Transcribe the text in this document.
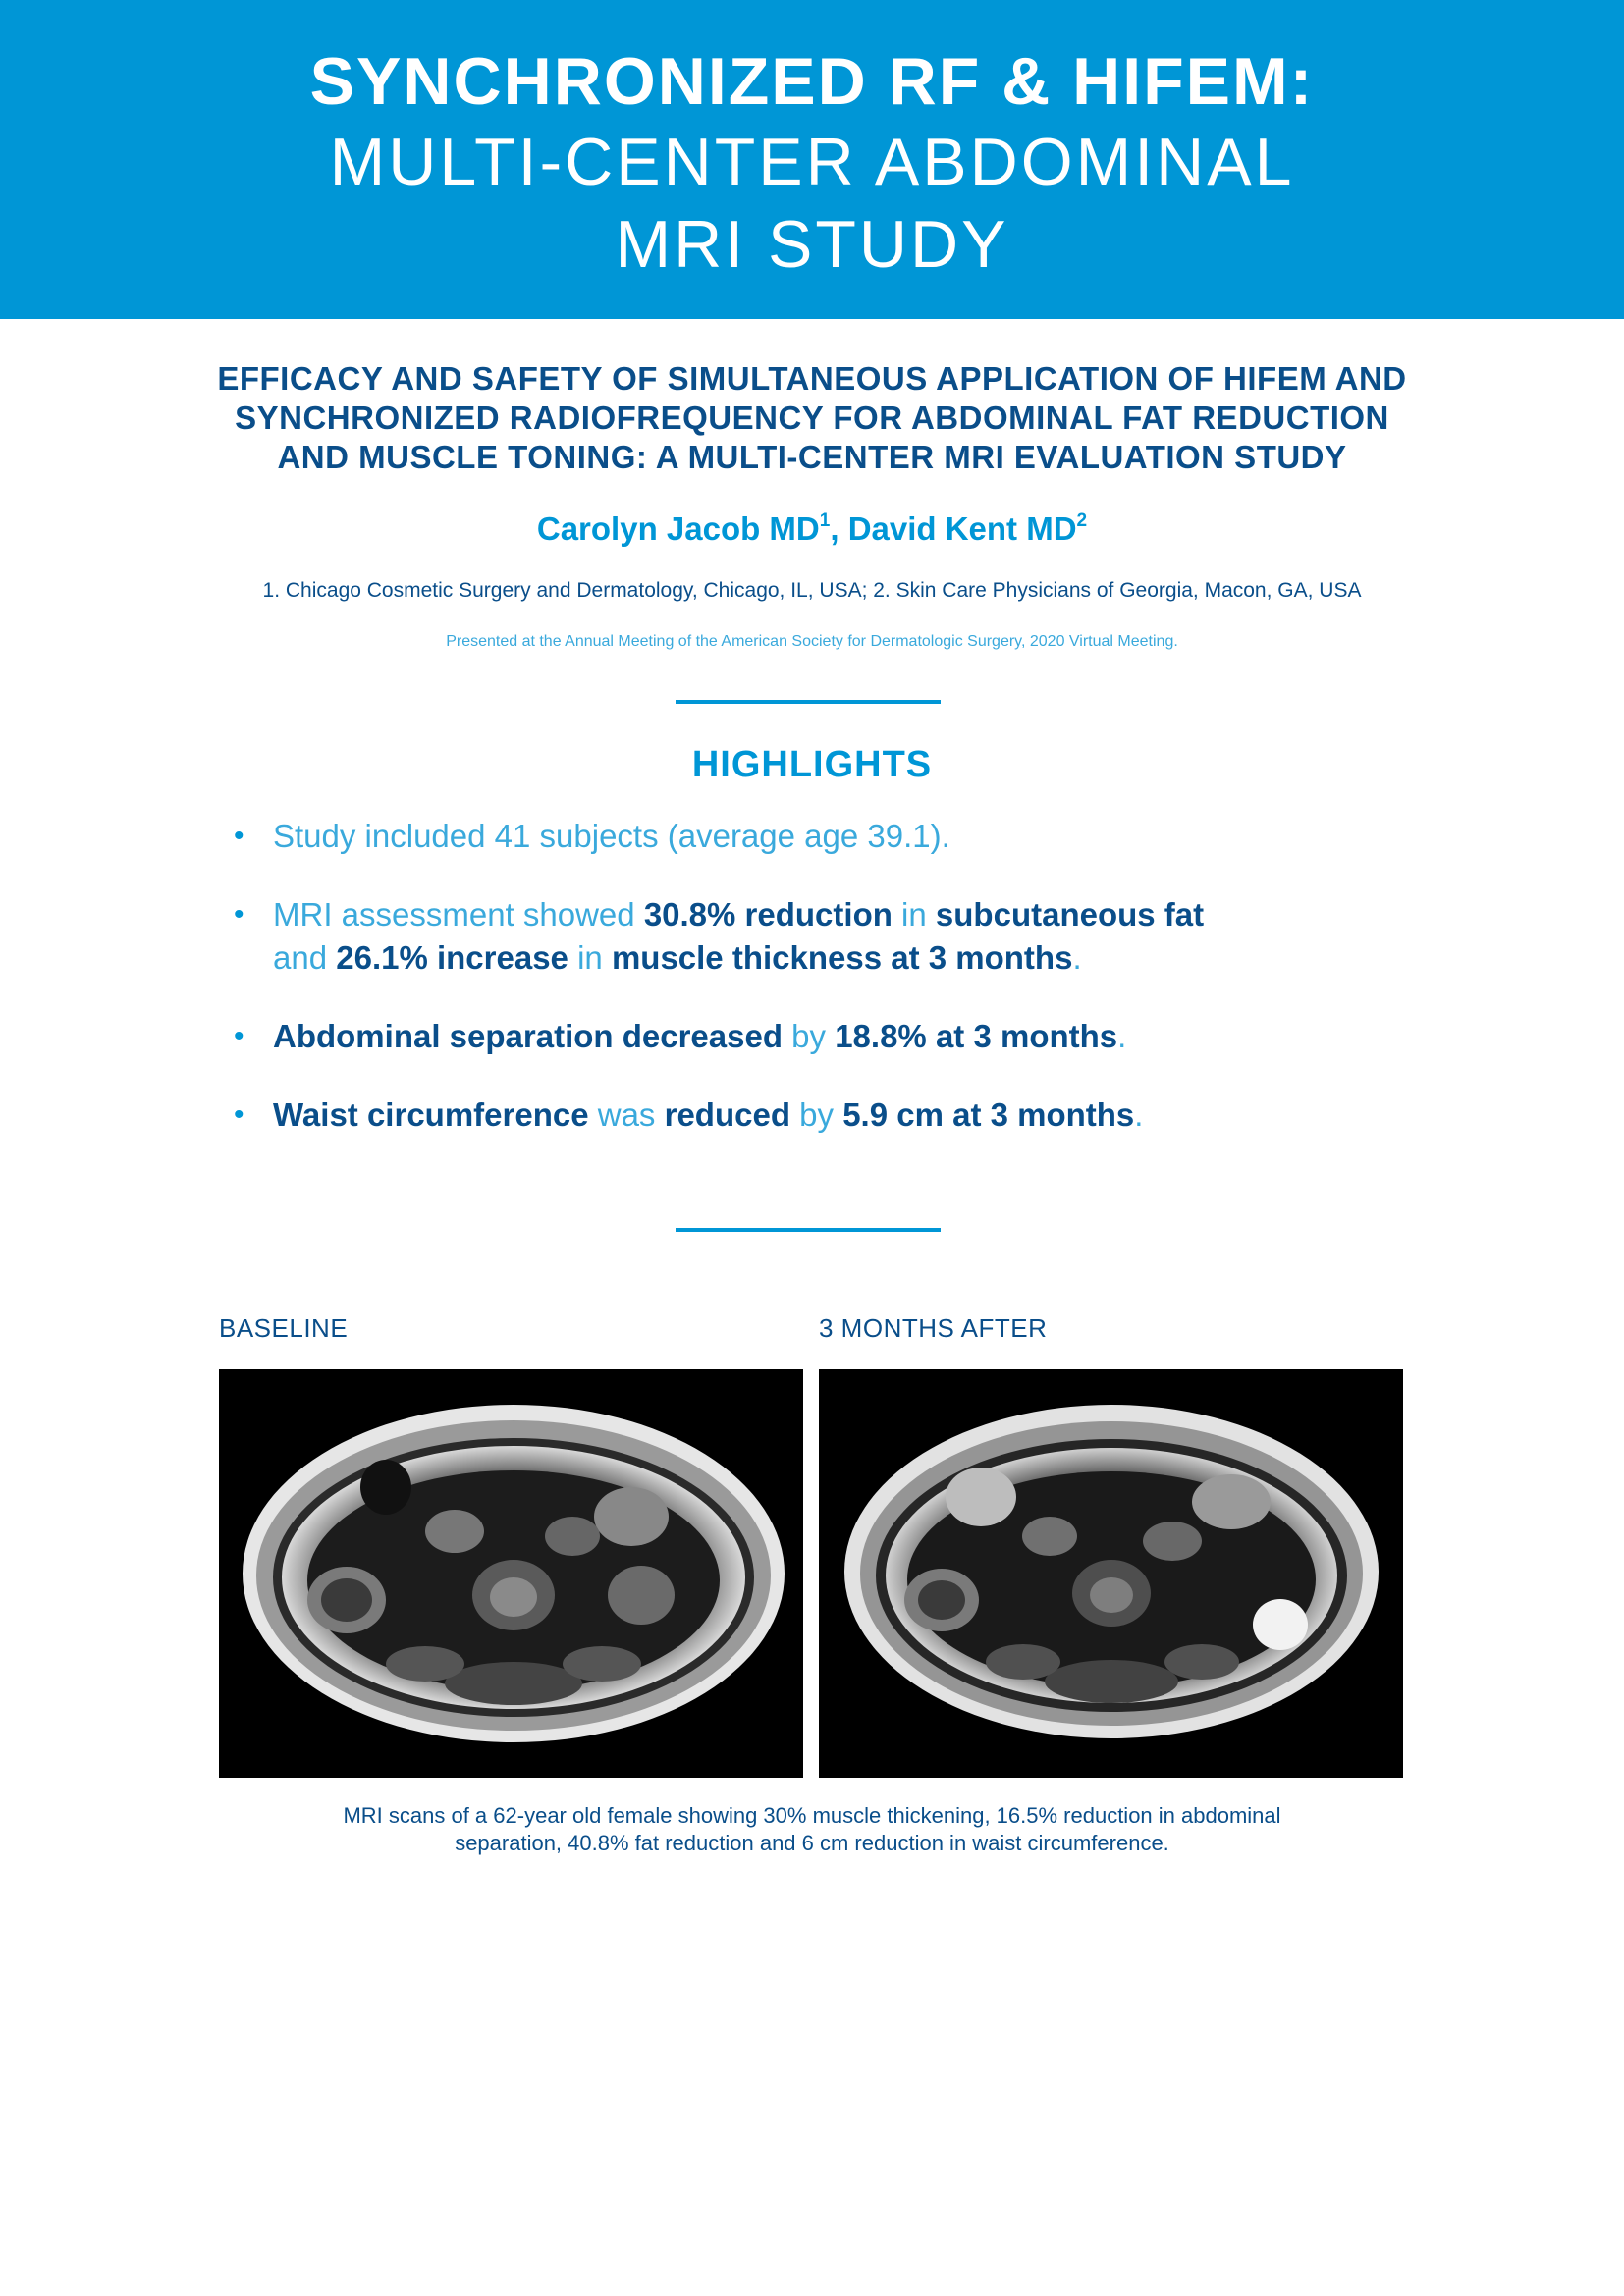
SYNCHRONIZED RF & HIFEM:
MULTI-CENTER ABDOMINAL
MRI STUDY
EFFICACY AND SAFETY OF SIMULTANEOUS APPLICATION OF HIFEM AND
SYNCHRONIZED RADIOFREQUENCY FOR ABDOMINAL FAT REDUCTION
AND MUSCLE TONING: A MULTI-CENTER MRI EVALUATION STUDY
Carolyn Jacob $MD^1$, David Kent $MD^2$
1. Chicago Cosmetic Surgery and Dermatology, Chicago, IL, USA; 2. Skin Care Physicians of Georgia, Macon, GA, USA
Presented at the Annual Meeting of the American Society for Dermatologic Surgery, 2020 Virtual Meeting.
HIGHLIGHTS
• Study included 41 subjects (average age 39.1).
• MRI assessment showed 30.8% reduction in subcutaneous fat
and 26.1% increase in muscle thickness at 3 months.
• Abdominal separation decreased by 18.8% at 3 months.
• Waist circumference was reduced by 5.9 cm at 3 months.
BASELINE	3 MONTHS AFTER
MRI scans of a 62-year old female showing 30% muscle thickening, 16.5% reduction in abdominal
separation, 40.8% fat reduction and 6 cm reduction in waist circumference.
